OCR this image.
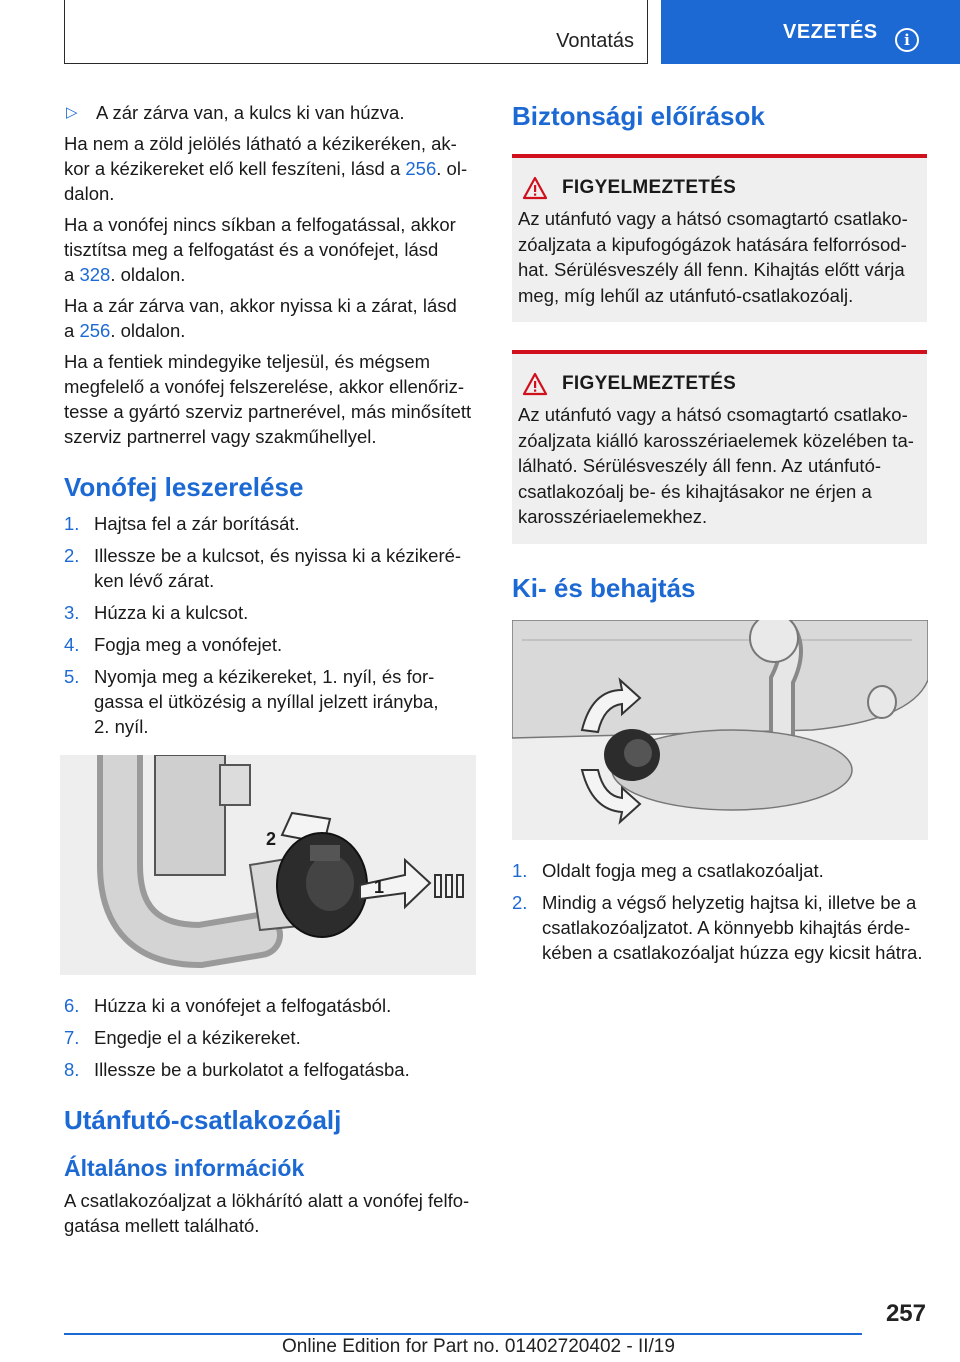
Vontatás	VEZETÉS	i
▷ A zár zárva van, a kulcs ki van húzva.

Ha nem a zöld jelölés látható a kézikeréken, ak-
kor a kézikereket elő kell feszíteni, lásd a 256. ol-
dalon.

Ha a vonófej nincs síkban a felfogatással, akkor
tisztítsa meg a felfogatást és a vonófejet, lásd
a 328. oldalon.

Ha a zár zárva van, akkor nyissa ki a zárat, lásd
a 256. oldalon.

Ha a fentiek mindegyike teljesül, és mégsem
megfelelő a vonófej felszerelése, akkor ellenőriz-
tesse a gyártó szerviz partnerével, más minősített
szerviz partnerrel vagy szakműhellyel.

Vonófej leszerelése
1. Hajtsa fel a zár borítását.
2. Illessze be a kulcsot, és nyissa ki a kézikeré-
ken lévő zárat.
3. Húzza ki a kulcsot.
4. Fogja meg a vonófejet.
5. Nyomja meg a kézikereket, 1. nyíl, és for-
gassa el ütközésig a nyíllal jelzett irányba,
2. nyíl.
2
1
6. Húzza ki a vonófejet a felfogatásból.
7. Engedje el a kézikereket.
8. Illessze be a burkolatot a felfogatásba.
Utánfutó-csatlakozóalj
Általános információk

A csatlakozóaljzat a lökhárító alatt a vonófej felfo-
gatása mellett található.

Biztonsági előírások
FIGYELMEZTETÉS

Az utánfutó vagy a hátsó csomagtartó csatlako-
zóaljzata a kipufogógázok hatására felforrósod-
hat. Sérülésveszély áll fenn. Kihajtás előtt várja
meg, míg lehűl az utánfutó-csatlakozóalj.

FIGYELMEZTETÉS

Az utánfutó vagy a hátsó csomagtartó csatlako-
zóaljzata kiálló karosszériaelemek közelében ta-
lálható. Sérülésveszély áll fenn. Az utánfutó-
csatlakozóalj be- és kihajtásakor ne érjen a
karosszériaelemekhez.

Ki- és behajtás
1. Oldalt fogja meg a csatlakozóaljat.
2. Mindig a végső helyzetig hajtsa ki, illetve be a
csatlakozóaljzatot. A könnyebb kihajtás érde-
kében a csatlakozóaljat húzza egy kicsit hátra.
257
Online Edition for Part no. 01402720402 - II/19
